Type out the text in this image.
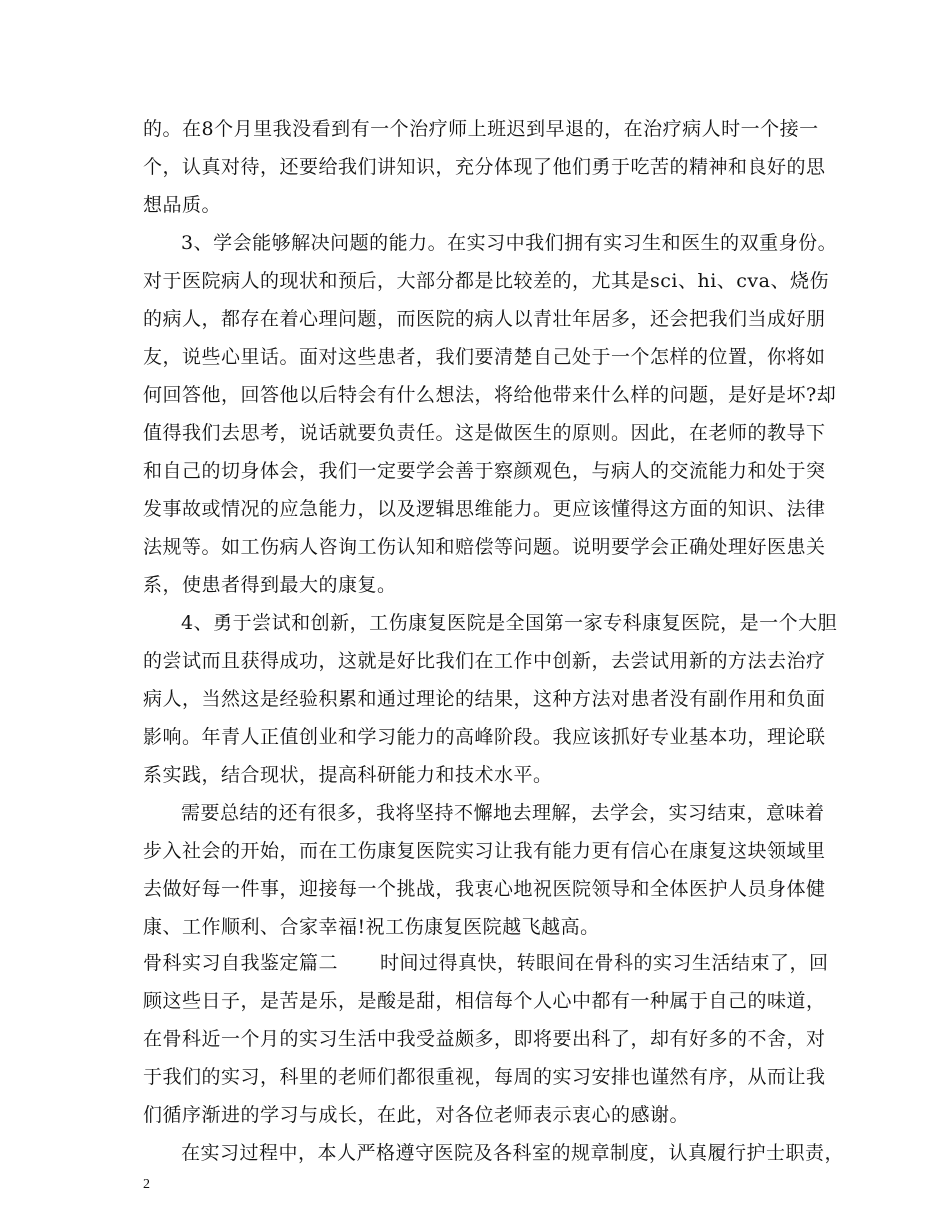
的。在8个月里我没看到有一个治疗师上班迟到早退的，在治疗病人时一个接一
个，认真对待，还要给我们讲知识，充分体现了他们勇于吃苦的精神和良好的思
想品质。
3、学会能够解决问题的能力。在实习中我们拥有实习生和医生的双重身份。
对于医院病人的现状和预后，大部分都是比较差的，尤其是sci、hi、cva、烧伤
的病人，都存在着心理问题，而医院的病人以青壮年居多，还会把我们当成好朋
友，说些心里话。面对这些患者，我们要清楚自己处于一个怎样的位置，你将如
何回答他，回答他以后特会有什么想法，将给他带来什么样的问题，是好是坏?却
值得我们去思考，说话就要负责任。这是做医生的原则。因此，在老师的教导下
和自己的切身体会，我们一定要学会善于察颜观色，与病人的交流能力和处于突
发事故或情况的应急能力，以及逻辑思维能力。更应该懂得这方面的知识、法律
法规等。如工伤病人咨询工伤认知和赔偿等问题。说明要学会正确处理好医患关
系，使患者得到最大的康复。
4、勇于尝试和创新，工伤康复医院是全国第一家专科康复医院，是一个大胆
的尝试而且获得成功，这就是好比我们在工作中创新，去尝试用新的方法去治疗
病人，当然这是经验积累和通过理论的结果，这种方法对患者没有副作用和负面
影响。年青人正值创业和学习能力的高峰阶段。我应该抓好专业基本功，理论联
系实践，结合现状，提高科研能力和技术水平。
需要总结的还有很多，我将坚持不懈地去理解，去学会，实习结束，意味着
步入社会的开始，而在工伤康复医院实习让我有能力更有信心在康复这块领域里
去做好每一件事，迎接每一个挑战，我衷心地祝医院领导和全体医护人员身体健
康、工作顺利、合家幸福!祝工伤康复医院越飞越高。
骨科实习自我鉴定篇二 时间过得真快，转眼间在骨科的实习生活结束了，回
顾这些日子，是苦是乐，是酸是甜，相信每个人心中都有一种属于自己的味道，
在骨科近一个月的实习生活中我受益颇多，即将要出科了，却有好多的不舍，对
于我们的实习，科里的老师们都很重视，每周的实习安排也谨然有序，从而让我
们循序渐进的学习与成长，在此，对各位老师表示衷心的感谢。
2
在实习过程中，本人严格遵守医院及各科室的规章制度，认真履行护士职责，
